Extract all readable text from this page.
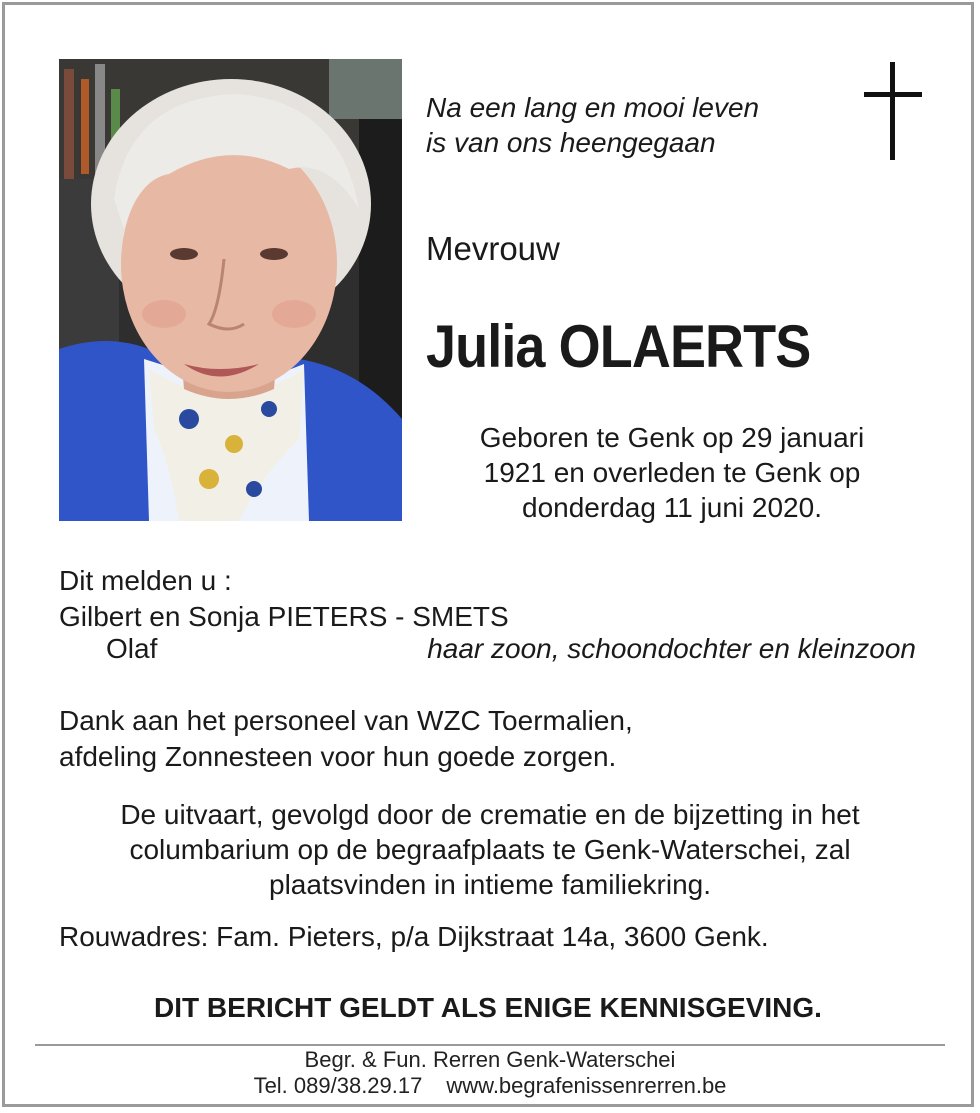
Na een lang en mooi leven
is van ons heengegaan
Mevrouw
Julia OLAERTS
Geboren te Genk op 29 januari
1921 en overleden te Genk op
donderdag 11 juni 2020.
Dit melden u :
Gilbert en Sonja PIETERS - SMETS
Olaf	haar zoon, schoondochter en kleinzoon
Dank aan het personeel van WZC Toermalien,
afdeling Zonnesteen voor hun goede zorgen.
De uitvaart, gevolgd door de crematie en de bijzetting in het
columbarium op de begraafplaats te Genk-Waterschei, zal
plaatsvinden in intieme familiekring.
Rouwadres: Fam. Pieters, p/a Dijkstraat 14a, 3600 Genk.
DIT BERICHT GELDT ALS ENIGE KENNISGEVING.
Begr. & Fun. Rerren Genk-Waterschei
Tel. 089/38.29.17 www.begrafenissenrerren.be
